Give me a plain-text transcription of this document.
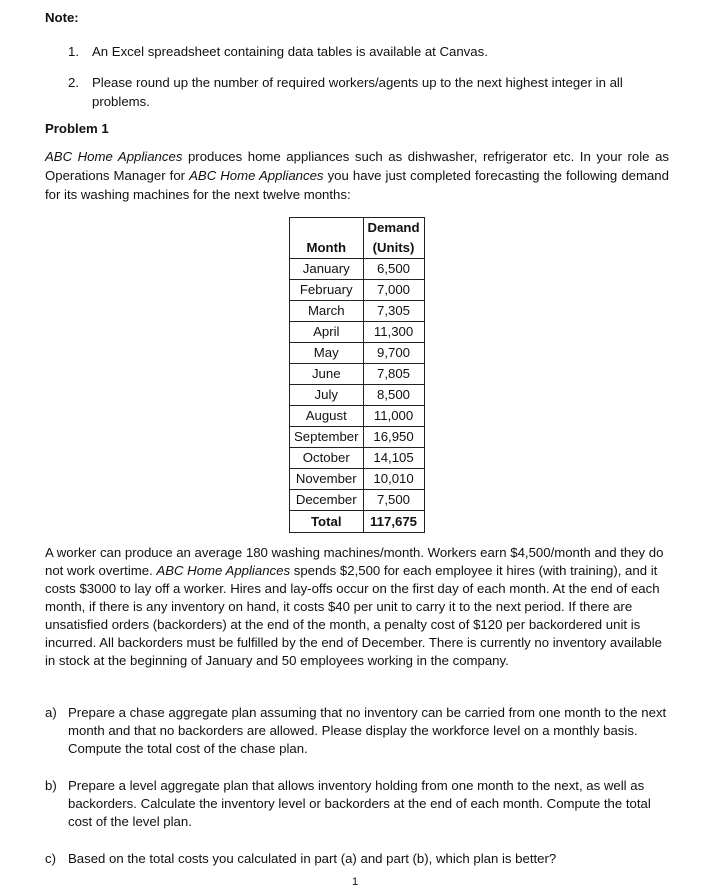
Note:
1. An Excel spreadsheet containing data tables is available at Canvas.
2. Please round up the number of required workers/agents up to the next highest integer in all problems.
Problem 1
ABC Home Appliances produces home appliances such as dishwasher, refrigerator etc. In your role as Operations Manager for ABC Home Appliances you have just completed forecasting the following demand for its washing machines for the next twelve months:
	Demand
Month	(Units)
January	6,500
February	7,000
March	7,305
April	11,300
May	9,700
June	7,805
July	8,500
August	11,000
September	16,950
October	14,105
November	10,010
December	7,500
Total	117,675
A worker can produce an average 180 washing machines/month. Workers earn $4,500/month and they do not work overtime. ABC Home Appliances spends $2,500 for each employee it hires (with training), and it costs $3000 to lay off a worker. Hires and lay-offs occur on the first day of each month. At the end of each month, if there is any inventory on hand, it costs $40 per unit to carry it to the next period. If there are unsatisfied orders (backorders) at the end of the month, a penalty cost of $120 per backordered unit is incurred. All backorders must be fulfilled by the end of December. There is currently no inventory available in stock at the beginning of January and 50 employees working in the company.
a) Prepare a chase aggregate plan assuming that no inventory can be carried from one month to the next month and that no backorders are allowed. Please display the workforce level on a monthly basis. Compute the total cost of the chase plan.
b) Prepare a level aggregate plan that allows inventory holding from one month to the next, as well as backorders. Calculate the inventory level or backorders at the end of each month. Compute the total cost of the level plan.
c) Based on the total costs you calculated in part (a) and part (b), which plan is better?
1
